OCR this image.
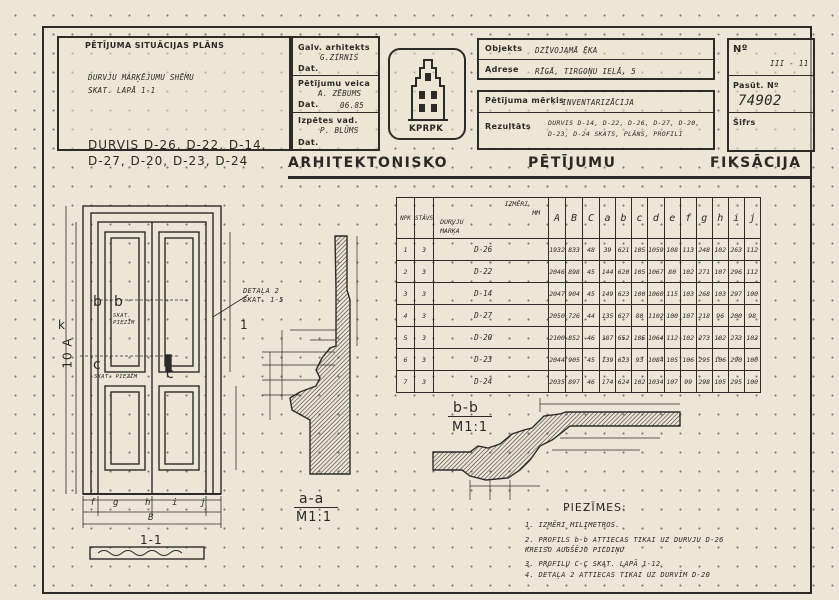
PĒTĪJUMA SITUĀCIJAS PLĀNS
DURVJU MARĶĒJUMU SHĒMU
SKAT. LAPĀ 1-1
DURVIS D-26, D-22, D-14,
D-27, D-20, D-23, D-24
Galv. arhitekts
G.ZIRNIS
Dat.
Pētījumu veica
A. ZĒBUMS
Dat.	06.85
Izpētes vad.
P. BLŪMS
Dat.
KPRPK
Objekts DZĪVOJAMĀ ĒKA
Adrese RĪGĀ, TIRGOŅU IELĀ, 5
Pētījuma mērķis
INVENTARIZĀCIJA
Rezultāts	DURVIS D-14, D-22, D-26, D-27, D-20,
D-23, D-24 SKATS, PLĀNS, PROFILI
Nº
III - 11
Pasūt. Nº
74902
Šifrs
ARHITEKTONISKO	PĒTĪJUMU	FIKSĀCIJA
DETAĻA 2
SKAT. 1-5
b b
SKAT.
PIEZĪM
c
SKAT. PIEZĪM c
10 A
k	1
f g	h i j
B
1-1
a-a
M1:1
b-b
M1:1
NPK	STĀVS	IZMĒRI
MM
DURVJU
MARĶA	A	B	C	a	b	c	d	e	f	g	h	i	j
1	3	D-26	1932	833	48	39	621	105	1059	108	113	248	102	263	112
2	3	D-22	2046	898	45	144	620	105	1067	80	102	271	107	296	112
3	3	D-14	2047	904	45	149	623	100	1060	115	103	268	103	297	100
4	3	D-27	2050	726	44	135	627	80	1102	100	107	218	96	200	98
5	3	D-20	2100	852	46	187	652	105	1064	112	102	273	102	273	102
6	3	D-23	2044	905	45	139	623	93	1084	105	106	295	106	290	100
7	3	D-24	2035	897	46	174	624	102	1034	107	99	298	105	295	100
PIEZĪMES:
1. IZMĒRI MILIMETROS.
2. PROFILS b-b ATTIECAS TIKAI UZ DURVJU D-26
KREISO AUGŠĒJO PILDIŅU
3. PROFILU C-C SKAT. LAPĀ 1-12
4. DETAĻA 2 ATTIECAS TIKAI UZ DURVĪM D-20
